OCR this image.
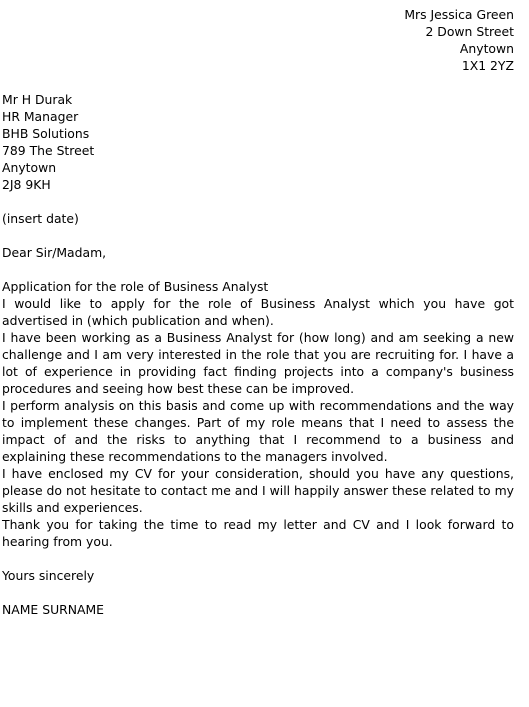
Mrs Jessica Green
2 Down Street
Anytown
1X1 2YZ
Mr H Durak
HR Manager
BHB Solutions
789 The Street
Anytown
2J8 9KH
(insert date)
Dear Sir/Madam,
Application for the role of Business Analyst

I would like to apply for the role of Business Analyst which you have got advertised in (which publication and when).

I have been working as a Business Analyst for (how long) and am seeking a new challenge and I am very interested in the role that you are recruiting for. I have a lot of experience in providing fact finding projects into a company's business procedures and seeing how best these can be improved.

I perform analysis on this basis and come up with recommendations and the way to implement these changes. Part of my role means that I need to assess the impact of and the risks to anything that I recommend to a business and explaining these recommendations to the managers involved.

I have enclosed my CV for your consideration, should you have any questions, please do not hesitate to contact me and I will happily answer these related to my skills and experiences.

Thank you for taking the time to read my letter and CV and I look forward to hearing from you.

Yours sincerely
NAME SURNAME
